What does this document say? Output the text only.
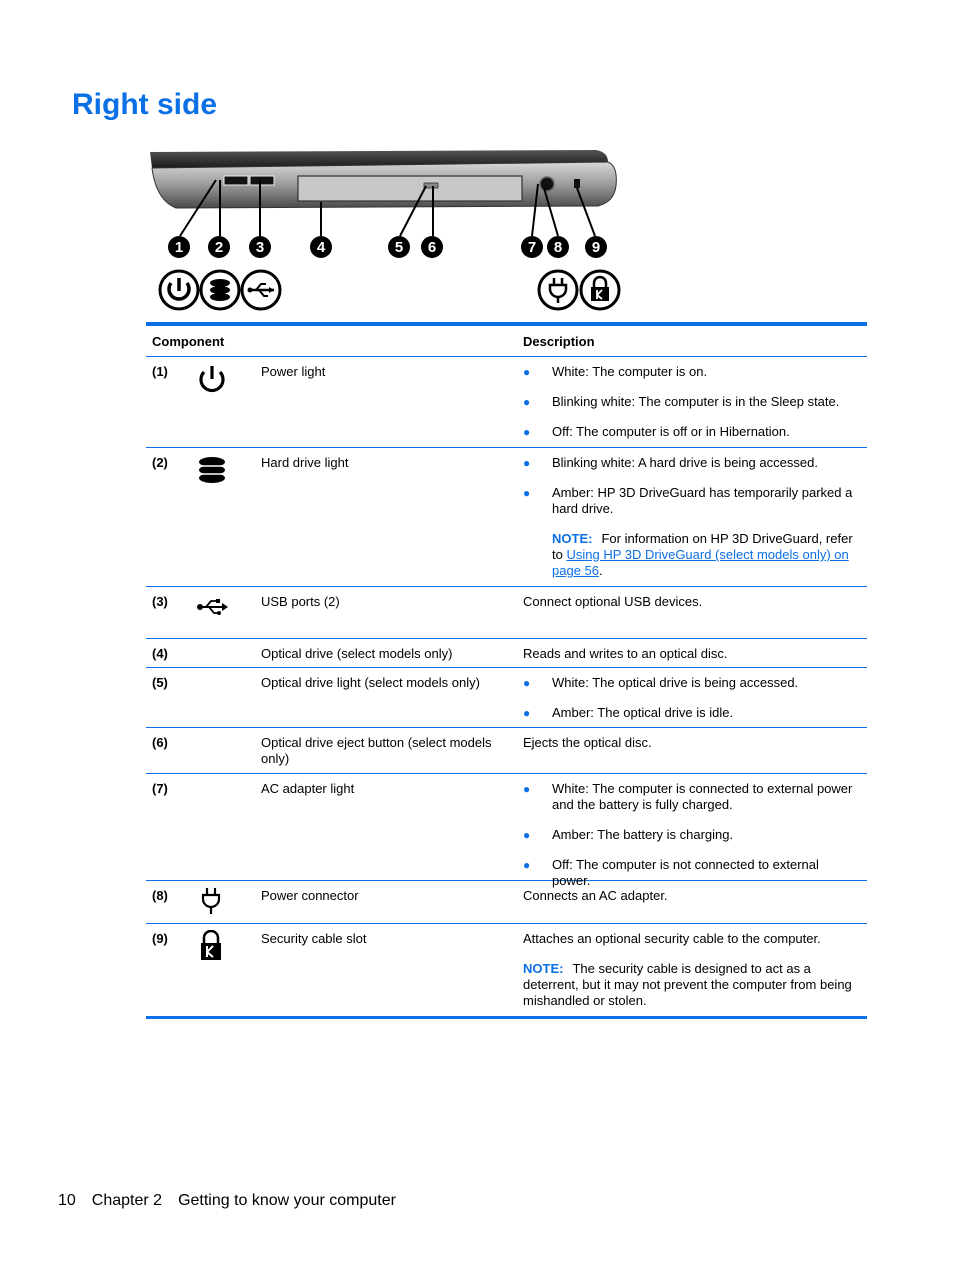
Right side
1 2 3	4	5 6	7 8 9
Component	Description
(1)	Power light	●	White: The computer is on.
●	Blinking white: The computer is in the Sleep state.
●	Off: The computer is off or in Hibernation.
(2)	Hard drive light	●	Blinking white: A hard drive is being accessed.
●	Amber: HP 3D DriveGuard has temporarily parked a hard drive.
NOTE: For information on HP 3D DriveGuard, refer to Using HP 3D DriveGuard (select models only) on page 56.
(3)	USB ports (2)	Connect optional USB devices.
(4)	Optical drive (select models only)	Reads and writes to an optical disc.
(5)	Optical drive light (select models only)	●	White: The optical drive is being accessed.
●	Amber: The optical drive is idle.
(6)	Optical drive eject button (select models only)
Ejects the optical disc.
(7)	AC adapter light	●	White: The computer is connected to external power and the battery is fully charged.
●	Amber: The battery is charging.
●	Off: The computer is not connected to external power.
(8)	Power connector	Connects an AC adapter.
(9)	Security cable slot	Attaches an optional security cable to the computer.
NOTE: The security cable is designed to act as a deterrent, but it may not prevent the computer from being mishandled or stolen.
10 Chapter 2 Getting to know your computer
